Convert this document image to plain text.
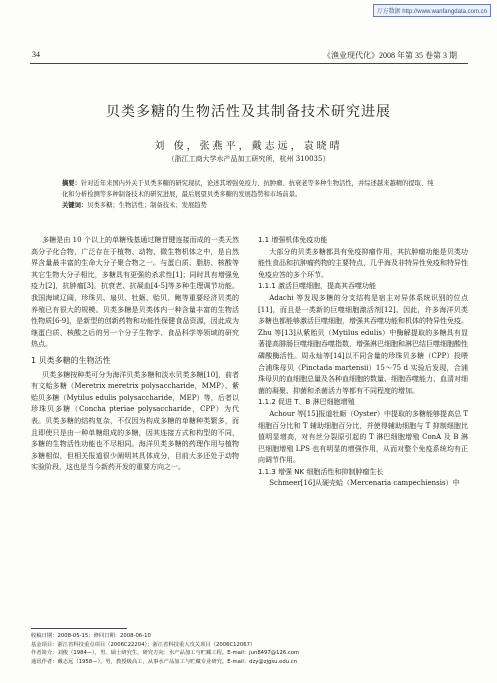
万方数据 http://www.wanfangdata.com.cn
34	《渔业现代化》2008 年第 35 卷第 3 期
贝类多糖的生物活性及其制备技术研究进展
刘 俊，张燕平，戴志远，袁晓晴
（浙江工商大学水产品加工研究所，杭州 310035）
摘要：针对近年来国内外关于贝类多糖的研究现状，论述其增强免疫力、抗肿瘤、抗衰老等多种生物活性，并综述越来越精的提取、纯化和分析检测等多种制备技术的研究进展，最后展望贝类多糖的发展趋势和市场前景。
关键词：贝类多糖；生物活性；制备技术；发展趋势

多糖是由 10 个以上的单糖残基通过糖苷键连接而成的一类天然高分子化合物，广泛存在于植物、动物、微生物机体之中，是自然界含量最丰富的生命大分子聚合物之一。与蛋白质、脂肪、核酸等其它生物大分子相比，多糖具有更强的杀求性[1]；同时具有增强免疫力[2]，抗肿瘤[3]，抗衰老、抗凝血[4-5]等多种生理调节功能。我国海域辽阔，珍珠贝、扇贝、牡蛎、贻贝、鲍等重要经济贝类的养殖已有很大的规模。贝类多糖是贝类体内一种含量丰富的生物活性物质[6-9]，是新型的创新药物和功能性保健食品资源，因此成为继蛋白质、核酸之后的另一个分子生物学、食品科学等领域的研究热点。

1 贝类多糖的生物活性

贝类多糖按种类可分为海洋贝类多糖和淡水贝类多糖[10]，前者有文蛤多糖（Meretrix meretrix polysaccharide，MMP）、紫贻贝多糖（Mytilus edulis polysaccharide，MEP）等，后者以珍珠贝多糖（Concha pteriae polysaccharide，CPP）为代表。贝类多糖的结构复杂，不仅因为构成多糖的单糖种类繁多，而且即使只是由一种单糖组成的多糖，因其连接方式和构型的不同，多糖的生物活性功能也不尽相同。海洋贝类多糖的药理作用与植物多糖相似，但相关报道很少阐明其具体成分，目前大多还处于动物实验阶段，这也是当今新药开发的重要方向之一。

1.1 增强机体免疫功能

大部分的贝类多糖都具有免疫抑瘤作用，其抗肿瘤功能是贝类功能性食品和抗肿瘤药物的主要特点，几乎海及非特异性免疫和特异性免疫应答的多个环节。

1.1.1 激活巨噬细胞，提高其吞噬功能

Adachi 等发现多糖的分支结构是宿主对异体系统识别的位点[11]，而且是一类新的巨噬细胞激活剂[12]。因此，许多海洋贝类多糖也都能够激活巨噬细胞，增强其吞噬功能和机体的特异性免疫。Zhu 等[13]从紫贻贝（Mytilus edulis）中酶解提取的多糖具有显著提高腓肠巨噬细胞吞噬指数，增强淋巴细胞和淋巴结巨噬细胞酸性磷酸酶活性。周永灿等[14]以不同含量的珍珠贝多糖（CPP）投喂合浦珠母贝（Pinctada martensii）15～75 d 实验后发现，合浦珠母贝的血细胞总量及各种血细胞的数量、细胞吞噬能力、血清对细菌的凝聚、抑菌和杀菌活力等都有不同程度的增加。

1.1.2 促进 T、B 淋巴细胞增殖

Achour 等[15]报道牡蛎（Oyster）中提取的多糖能够提高总 T 细胞百分比和 T 辅助细胞百分比，并使得辅助细胞与 T 抑制细胞比值明显增高，对有丝分裂原引起的 T 淋巴细胞增殖 ConA 及 B 淋巴细胞增殖 LPS 也有明显的增强作用，从而对整个免疫系统均有正向调节作用。

1.1.3 增强 NK 细胞活性和抑制肿瘤生长

Schmeer[16]从硬壳蛤（Mercenaria campechiensis）中

收稿日期：2008-05-15；修回日期：2008-06-10
基金项目：浙江省科技重点项目（2006C22204）；浙江省科技重大攻关项目（2006C12067）
作者简介：刘俊（1984—），男，硕士研究生，研究方向：水产品加工与贮藏工程。E-mail：jun8497@126.com
通讯作者：戴志远（1958—），男，教授级高工，从事水产品加工与贮藏专业研究。E-mail：dzy@zjgsu.edu.cn
